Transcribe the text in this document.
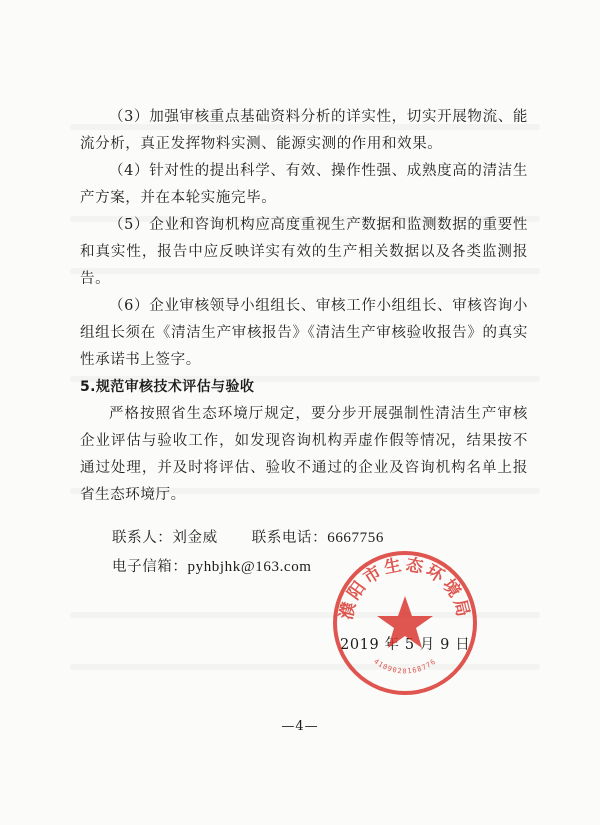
（3）加强审核重点基础资料分析的详实性，切实开展物流、能流分析，真正发挥物料实测、能源实测的作用和效果。

（4）针对性的提出科学、有效、操作性强、成熟度高的清洁生产方案，并在本轮实施完毕。

（5）企业和咨询机构应高度重视生产数据和监测数据的重要性和真实性，报告中应反映详实有效的生产相关数据以及各类监测报告。

（6）企业审核领导小组组长、审核工作小组组长、审核咨询小组组长须在《清洁生产审核报告》《清洁生产审核验收报告》的真实性承诺书上签字。

5.规范审核技术评估与验收

严格按照省生态环境厅规定，要分步开展强制性清洁生产审核企业评估与验收工作，如发现咨询机构弄虚作假等情况，结果按不通过处理，并及时将评估、验收不通过的企业及咨询机构名单上报省生态环境厅。

联系人：刘金威 联系电话：6667756
电子信箱：pyhbjhk@163.com
濮阳市生态环境局
4109020168776
2019 年 5 月 9 日
—4—
